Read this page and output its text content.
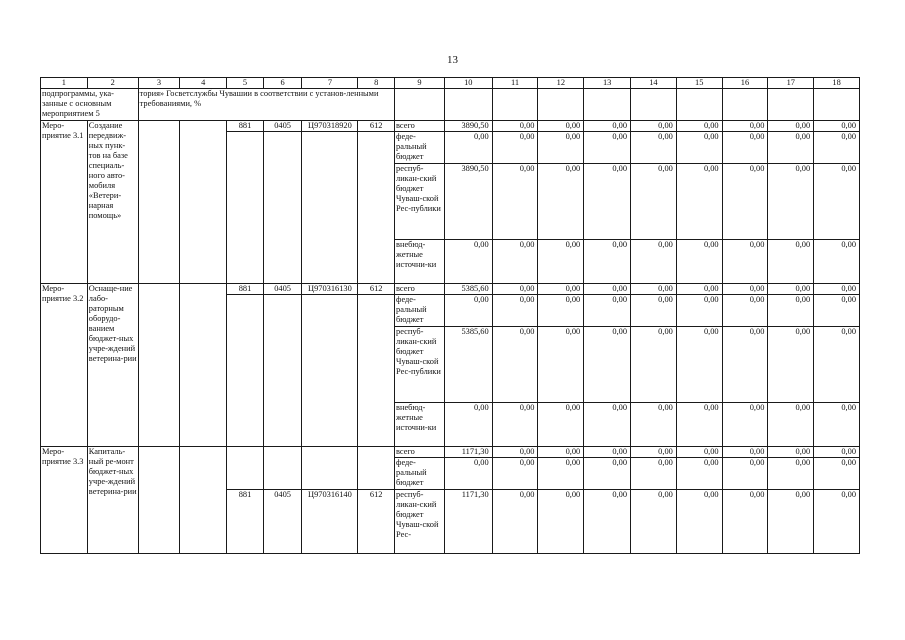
13
1	2	3	4	5	6	7	8	9	10	11	12	13	14	15	16	17	18
подпрограммы, ука-занные с основным мероприятием 5		тория» Госветслужбы Чувашии в соответствии с установ-ленными требованиями, %															
Меро-приятие 3.1	Создание передвиж-ных пунк-тов на базе специаль-ного авто-мобиля «Ветери-нарная помощь»			881	0405	Ц970318920	612	всего	3890,50	0,00	0,00	0,00	0,00	0,00	0,00	0,00	0,00
								феде-ральный бюджет	0,00	0,00	0,00	0,00	0,00	0,00	0,00	0,00	0,00
								респуб-ликан-ский бюджет Чуваш-ской Рес-публики	3890,50	0,00	0,00	0,00	0,00	0,00	0,00	0,00	0,00
								внебюд-жетные источни-ки	0,00	0,00	0,00	0,00	0,00	0,00	0,00	0,00	0,00
Меро-приятие 3.2	Оснаще-ние лабо-раторным оборудо-ванием бюджет-ных учре-ждений ветерина-рии			881	0405	Ц970316130	612	всего	5385,60	0,00	0,00	0,00	0,00	0,00	0,00	0,00	0,00
								феде-ральный бюджет	0,00	0,00	0,00	0,00	0,00	0,00	0,00	0,00	0,00
								респуб-ликан-ский бюджет Чуваш-ской Рес-публики	5385,60	0,00	0,00	0,00	0,00	0,00	0,00	0,00	0,00
								внебюд-жетные источни-ки	0,00	0,00	0,00	0,00	0,00	0,00	0,00	0,00	0,00
Меро-приятие 3.3	Капиталь-ный ре-монт бюджет-ных учре-ждений ветерина-рии							всего	1171,30	0,00	0,00	0,00	0,00	0,00	0,00	0,00	0,00
								феде-ральный бюджет	0,00	0,00	0,00	0,00	0,00	0,00	0,00	0,00	0,00
				881	0405	Ц970316140	612	респуб-ликан-ский бюджет Чуваш-ской Рес-	1171,30	0,00	0,00	0,00	0,00	0,00	0,00	0,00	0,00
